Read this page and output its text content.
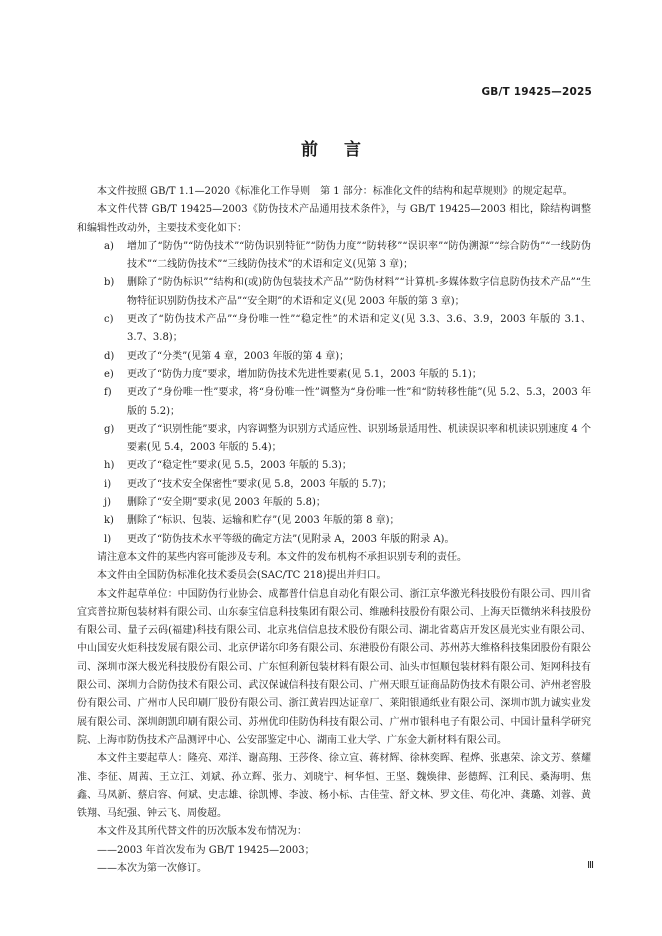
GB/T 19425—2025
前言

本文件按照 GB/T 1.1—2020《标准化工作导则　第 1 部分：标准化文件的结构和起草规则》的规定起草。

本文件代替 GB/T 19425—2003《防伪技术产品通用技术条件》，与 GB/T 19425—2003 相比，除结构调整和编辑性改动外，主要技术变化如下：

a)	增加了“防伪”“防伪技术”“防伪识别特征”“防伪力度”“防转移”“误识率”“防伪溯源”“综合防伪”“一线防伪技术”“二线防伪技术”“三线防伪技术”的术语和定义(见第 3 章)；
b)	删除了“防伪标识”“结构和(或)防伪包装技术产品”“防伪材料”“计算机-多媒体数字信息防伪技术产品”“生物特征识别防伪技术产品”“安全期”的术语和定义(见 2003 年版的第 3 章)；
c)	更改了“防伪技术产品”“身份唯一性”“稳定性”的术语和定义(见 3.3、3.6、3.9，2003 年版的 3.1、3.7、3.8)；
d)	更改了“分类”(见第 4 章，2003 年版的第 4 章)；
e)	更改了“防伪力度”要求，增加防伪技术先进性要素(见 5.1，2003 年版的 5.1)；
f)	更改了“身份唯一性”要求，将“身份唯一性”调整为“身份唯一性”和“防转移性能”(见 5.2、5.3，2003 年版的 5.2)；
g)	更改了“识别性能”要求，内容调整为识别方式适应性、识别场景适用性、机读误识率和机读识别速度 4 个要素(见 5.4，2003 年版的 5.4)；
h)	更改了“稳定性”要求(见 5.5，2003 年版的 5.3)；
i)	更改了“技术安全保密性”要求(见 5.8，2003 年版的 5.7)；
j)	删除了“安全期”要求(见 2003 年版的 5.8)；
k)	删除了“标识、包装、运输和贮存”(见 2003 年版的第 8 章)；
l)	更改了“防伪技术水平等级的确定方法”(见附录 A，2003 年版的附录 A)。

请注意本文件的某些内容可能涉及专利。本文件的发布机构不承担识别专利的责任。

本文件由全国防伪标准化技术委员会(SAC/TC 218)提出并归口。

本文件起草单位：中国防伪行业协会、成都普什信息自动化有限公司、浙江京华激光科技股份有限公司、四川省宜宾普拉斯包装材料有限公司、山东泰宝信息科技集团有限公司、维融科技股份有限公司、上海天臣微纳米科技股份有限公司、量子云码(福建)科技有限公司、北京兆信信息技术股份有限公司、湖北省葛店开发区晨光实业有限公司、中山国安火炬科技发展有限公司、北京伊诺尔印务有限公司、东港股份有限公司、苏州苏大维格科技集团股份有限公司、深圳市深大极光科技股份有限公司、广东恒利新包装材料有限公司、汕头市恒顺包装材料有限公司、矩网科技有限公司、深圳力合防伪技术有限公司、武汉保诚信科技有限公司、广州天眼互证商品防伪技术有限公司、泸州老窖股份有限公司、广州市人民印刷厂股份有限公司、浙江黄岩四达证章厂、莱阳银通纸业有限公司、深圳市凯力诚实业发展有限公司、深圳朗凯印刷有限公司、苏州优印佳防伪科技有限公司、广州市银科电子有限公司、中国计量科学研究院、上海市防伪技术产品测评中心、公安部鉴定中心、湖南工业大学、广东金大新材料有限公司。

本文件主要起草人：隆亮、邓洋、谢高翔、王莎佟、徐立宣、蒋材辉、徐林奕晖、程烨、张惠荣、涂文芳、蔡耀准、李征、周茜、王立江、刘斌、孙立辉、张力、刘晓宁、柯华恒、王坚、魏焕律、彭德辉、江利民、桑海明、焦鑫、马凤新、蔡启容、何斌、史志雄、徐凯博、李波、杨小标、古佳莹、舒文林、罗文佳、苟化冲、龚璐、刘蓉、黄铁翔、马纪强、钟云飞、周俊超。

本文件及其所代替文件的历次版本发布情况为：

——2003 年首次发布为 GB/T 19425—2003；

——本次为第一次修订。	Ⅲ
